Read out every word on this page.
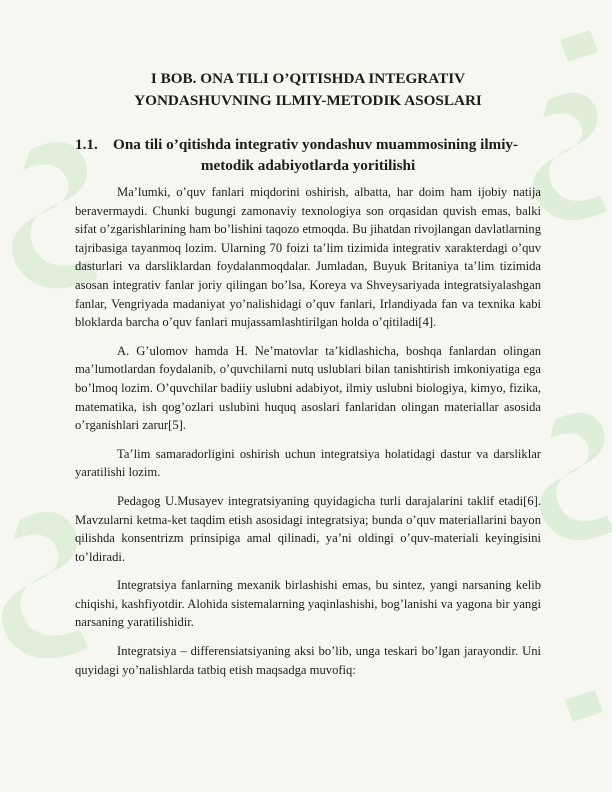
I BOB. ONA TILI O’QITISHDA INTEGRATIV
YONDASHUVNING ILMIY-METODIK ASOSLARI
1.1.	Ona tili o’qitishda integrativ yondashuv muammosining ilmiy-
metodik adabiyotlarda yoritilishi

Ma’lumki, o’quv fanlari miqdorini oshirish, albatta, har doim ham ijobiy natija beravermaydi. Chunki bugungi zamonaviy texnologiya son orqasidan quvish emas, balki sifat o’zgarishlarining ham bo’lishini taqozo etmoqda. Bu jihatdan rivojlangan davlatlarning tajribasiga tayanmoq lozim. Ularning 70 foizi ta’lim tizimida integrativ xarakterdagi o’quv dasturlari va darsliklardan foydalanmoqdalar. Jumladan, Buyuk Britaniya ta’lim tizimida asosan integrativ fanlar joriy qilingan bo’lsa, Koreya va Shveysariyada integratsiyalashgan fanlar, Vengriyada madaniyat yo’nalishidagi o’quv fanlari, Irlandiyada fan va texnika kabi bloklarda barcha o’quv fanlari mujassamlashtirilgan holda o’qitiladi[4].

A. G’ulomov hamda H. Ne’matovlar ta’kidlashicha, boshqa fanlardan olingan ma’lumotlardan foydalanib, o’quvchilarni nutq uslublari bilan tanishtirish imkoniyatiga ega bo’lmoq lozim. O’quvchilar badiiy uslubni adabiyot, ilmiy uslubni biologiya, kimyo, fizika, matematika, ish qog’ozlari uslubini huquq asoslari fanlaridan olingan materiallar asosida o’rganishlari zarur[5].

Ta’lim samaradorligini oshirish uchun integratsiya holatidagi dastur va darsliklar yaratilishi lozim.

Pedagog U.Musayev integratsiyaning quyidagicha turli darajalarini taklif etadi[6]. Mavzularni ketma-ket taqdim etish asosidagi integratsiya; bunda o’quv materiallarini bayon qilishda konsentrizm prinsipiga amal qilinadi, ya’ni oldingi o’quv-materiali keyingisini to’ldiradi.

Integratsiya fanlarning mexanik birlashishi emas, bu sintez, yangi narsaning kelib chiqishi, kashfiyotdir. Alohida sistemalarning yaqinlashishi, bog’lanishi va yagona bir yangi narsaning yaratilishidir.

Integratsiya – differensiatsiyaning aksi bo’lib, unga teskari bo’lgan jarayondir. Uni quyidagi yo’nalishlarda tatbiq etish maqsadga muvofiq:
